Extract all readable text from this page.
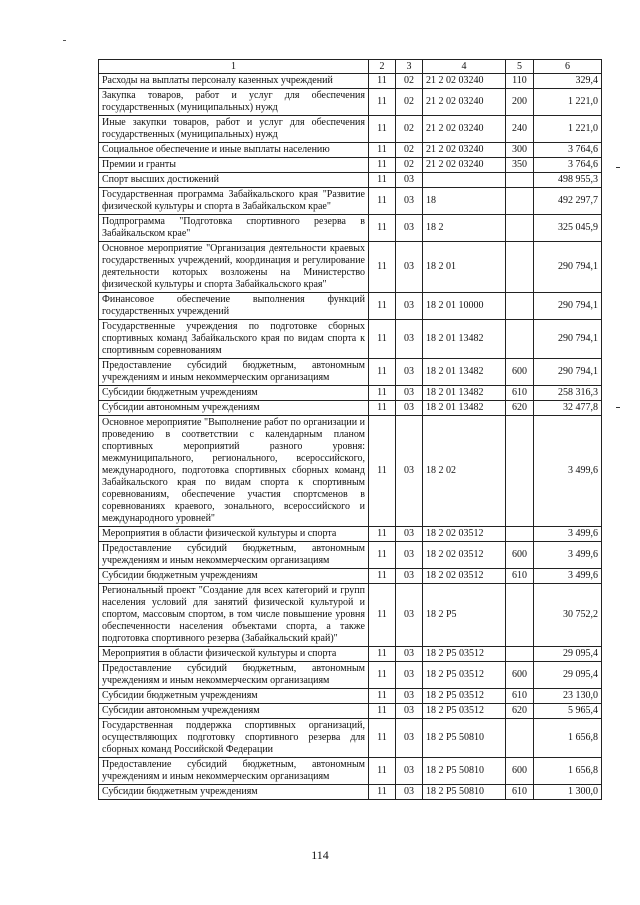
1	2	3	4	5	6
Расходы на выплаты персоналу казенных учреждений	11	02	21 2 02 03240	110	329,4
Закупка товаров, работ и услуг для обеспечения государственных (муниципальных) нужд	11	02	21 2 02 03240	200	1 221,0
Иные закупки товаров, работ и услуг для обеспечения государственных (муниципальных) нужд	11	02	21 2 02 03240	240	1 221,0
Социальное обеспечение и иные выплаты населению	11	02	21 2 02 03240	300	3 764,6
Премии и гранты	11	02	21 2 02 03240	350	3 764,6
Спорт высших достижений	11	03			498 955,3
Государственная программа Забайкальского края "Развитие физической культуры и спорта в Забайкальском крае"	11	03	18		492 297,7
Подпрограмма "Подготовка спортивного резерва в Забайкальском крае"	11	03	18 2		325 045,9
Основное мероприятие "Организация деятельности краевых государственных учреждений, координация и регулирование деятельности которых возложены на Министерство физической культуры и спорта Забайкальского края"	11	03	18 2 01		290 794,1
Финансовое обеспечение выполнения функций государственных учреждений	11	03	18 2 01 10000		290 794,1
Государственные учреждения по подготовке сборных спортивных команд Забайкальского края по видам спорта к спортивным соревнованиям	11	03	18 2 01 13482		290 794,1
Предоставление субсидий бюджетным, автономным учреждениям и иным некоммерческим организациям	11	03	18 2 01 13482	600	290 794,1
Субсидии бюджетным учреждениям	11	03	18 2 01 13482	610	258 316,3
Субсидии автономным учреждениям	11	03	18 2 01 13482	620	32 477,8
Основное мероприятие "Выполнение работ по организации и проведению в соответствии с календарным планом спортивных мероприятий разного уровня: межмуниципального, регионального, всероссийского, международного, подготовка спортивных сборных команд Забайкальского края по видам спорта к спортивным соревнованиям, обеспечение участия спортсменов в соревнованиях краевого, зонального, всероссийского и международного уровней"	11	03	18 2 02		3 499,6
Мероприятия в области физической культуры и спорта	11	03	18 2 02 03512		3 499,6
Предоставление субсидий бюджетным, автономным учреждениям и иным некоммерческим организациям	11	03	18 2 02 03512	600	3 499,6
Субсидии бюджетным учреждениям	11	03	18 2 02 03512	610	3 499,6
Региональный проект "Создание для всех категорий и групп населения условий для занятий физической культурой и спортом, массовым спортом, в том числе повышение уровня обеспеченности населения объектами спорта, а также подготовка спортивного резерва (Забайкальский край)"	11	03	18 2 P5		30 752,2
Мероприятия в области физической культуры и спорта	11	03	18 2 P5 03512		29 095,4
Предоставление субсидий бюджетным, автономным учреждениям и иным некоммерческим организациям	11	03	18 2 P5 03512	600	29 095,4
Субсидии бюджетным учреждениям	11	03	18 2 P5 03512	610	23 130,0
Субсидии автономным учреждениям	11	03	18 2 P5 03512	620	5 965,4
Государственная поддержка спортивных организаций, осуществляющих подготовку спортивного резерва для сборных команд Российской Федерации	11	03	18 2 P5 50810		1 656,8
Предоставление субсидий бюджетным, автономным учреждениям и иным некоммерческим организациям	11	03	18 2 P5 50810	600	1 656,8
Субсидии бюджетным учреждениям	11	03	18 2 P5 50810	610	1 300,0
114
